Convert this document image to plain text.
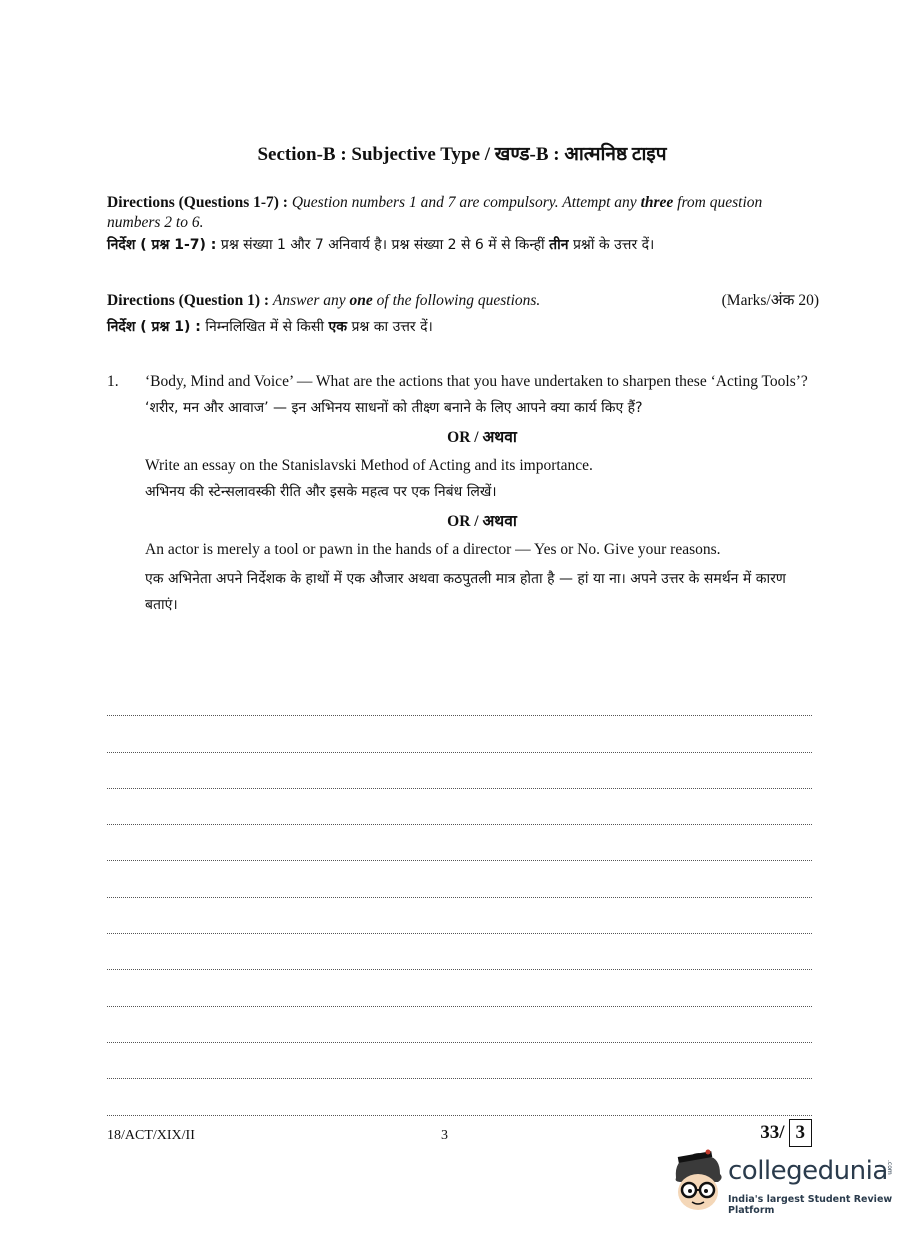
Section-B : Subjective Type / खण्ड-B : आत्मनिष्ठ टाइप
Directions (Questions 1-7) : Question numbers 1 and 7 are compulsory. Attempt any three from question numbers 2 to 6.
निर्देश ( प्रश्न 1-7) : प्रश्न संख्या 1 और 7 अनिवार्य है। प्रश्न संख्या 2 से 6 में से किन्हीं तीन प्रश्नों के उत्तर दें।
Directions (Question 1) : Answer any one of the following questions.	(Marks/अंक 20)
निर्देश ( प्रश्न 1) : निम्नलिखित में से किसी एक प्रश्न का उत्तर दें।
1. ‘Body, Mind and Voice’ — What are the actions that you have undertaken to sharpen these ‘Acting Tools’?
‘शरीर, मन और आवाज’ — इन अभिनय साधनों को तीक्ष्ण बनाने के लिए आपने क्या कार्य किए हैं?
OR / अथवा
Write an essay on the Stanislavski Method of Acting and its importance.
अभिनय की स्टेन्सलावस्की रीति और इसके महत्व पर एक निबंध लिखें।
OR / अथवा
An actor is merely a tool or pawn in the hands of a director — Yes or No. Give your reasons.
एक अभिनेता अपने निर्देशक के हाथों में एक औजार अथवा कठपुतली मात्र होता है — हां या ना। अपने उत्तर के समर्थन में कारण बताएं।
18/ACT/XIX/II	3	33/ 3
collegedunia
.com
India's largest Student Review Platform
